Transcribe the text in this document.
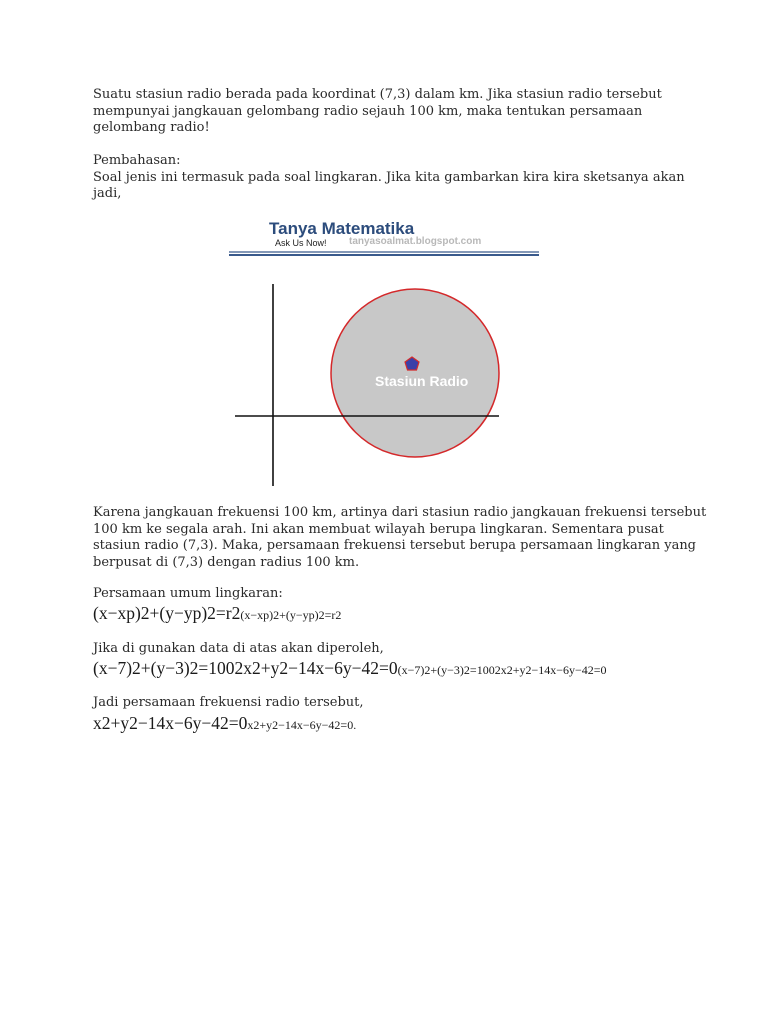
Suatu stasiun radio berada pada koordinat (7,3) dalam km. Jika stasiun radio tersebut
mempunyai jangkauan gelombang radio sejauh 100 km, maka tentukan persamaan
gelombang radio!
Pembahasan:
Soal jenis ini termasuk pada soal lingkaran. Jika kita gambarkan kira kira sketsanya akan
jadi,
Tanya Matematika
Ask Us Now! tanyasoalmat.blogspot.com
Stasiun Radio
Karena jangkauan frekuensi 100 km, artinya dari stasiun radio jangkauan frekuensi tersebut
100 km ke segala arah. Ini akan membuat wilayah berupa lingkaran. Sementara pusat
stasiun radio (7,3). Maka, persamaan frekuensi tersebut berupa persamaan lingkaran yang
berpusat di (7,3) dengan radius 100 km.
Persamaan umum lingkaran:
(x−xp)2+(y−yp)2=r2(x−xp)2+(y−yp)2=r2
Jika di gunakan data di atas akan diperoleh,
(x−7)2+(y−3)2=1002x2+y2−14x−6y−42=0(x−7)2+(y−3)2=1002x2+y2−14x−6y−42=0
Jadi persamaan frekuensi radio tersebut,
x2+y2−14x−6y−42=0x2+y2−14x−6y−42=0.
